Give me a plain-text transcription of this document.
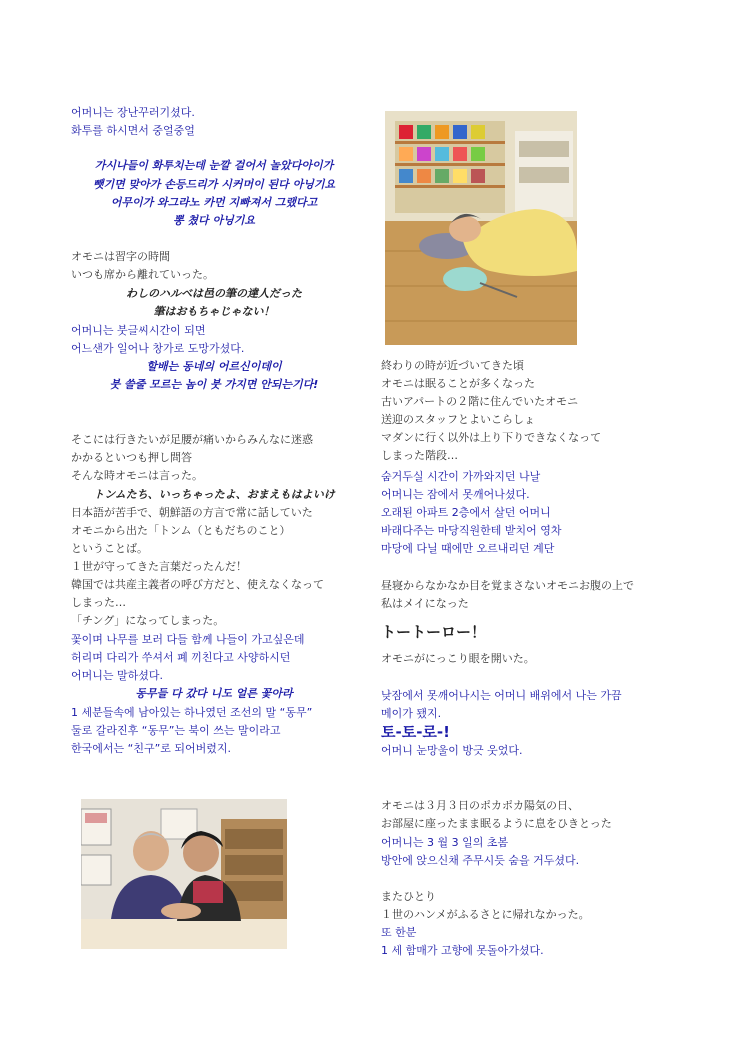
어머니는 장난꾸러기셨다.
화투를 하시면서 중얼중얼
가시나들이 화투치는데 눈깔 걸어서 놀았다아이가
뺏기면 맞아가 손등드리가 시커머이 된다 아닝기요
어무이가 와그라노 카먼 지빠져서 그랬다고
뽕 쳤다 아닝기요
オモニは習字の時間
いつも席から離れていった。
わしのハルベは邑の筆の達人だった
筆はおもちゃじゃない！
어머니는 붓글씨시간이 되면
어느샌가 일어나 창가로 도망가셨다.
할배는 동네의 어르신이데이
붓 쓸줄 모르는 놈이 붓 가지면 안되는기다!
そこには行きたいが足腰が痛いからみんなに迷惑
かかるといつも押し問答
そんな時オモニは言った。
トンムたち、いっちゃったよ、おまえもはよいけ
日本語が苦手で、朝鮮語の方言で常に話していた
オモニから出た「トンム（ともだちのこと）
ということば。
１世が守ってきた言葉だったんだ！
韓国では共産主義者の呼び方だと、使えなくなって
しまった…
「チング」になってしまった。
꽃이며 나무를 보러 다들 함께 나들이 가고싶은데
허리며 다리가 쑤셔서 폐 끼친다고 사양하시던
어머니는 말하셨다.
동무들 다 갔다 니도 얼른 꽃아라
1 세분들속에 남아있는 하나였던 조선의 말 “동무”
둘로 갈라진후 “동무”는 북이 쓰는 말이라고
한국에서는 “친구”로 되어버렸지.
終わりの時が近づいてきた頃
オモニは眠ることが多くなった
古いアパートの２階に住んでいたオモニ
送迎のスタッフとよいこらしょ
マダンに行く以外は上り下りできなくなって
しまった階段…
숨거두실 시간이 가까와지던 나날
어머니는 잠에서 못깨어나셨다.
오래된 아파트 2층에서 살던 어머니
바래다주는 마당직원한테 받치어 영차
마당에 다닐 때에만 오르내리던 계단
昼寝からなかなか目を覚まさないオモニお腹の上で
私はメイになった
トートーロー！
オモニがにっこり眼を開いた。
낮잠에서 못깨어나시는 어머니 배위에서 나는 가끔
메이가 됐지.
토-토-로-!
어머니 눈망울이 방긋 웃었다.
オモニは３月３日のポカポカ陽気の日、
お部屋に座ったまま眠るように息をひきとった
어머니는 3 월 3 일의 초봄
방안에 앉으신채 주무시듯 숨을 거두셨다.
またひとり
１世のハンメがふるさとに帰れなかった。
또 한분
1 세 함매가 고향에 못돌아가셨다.
